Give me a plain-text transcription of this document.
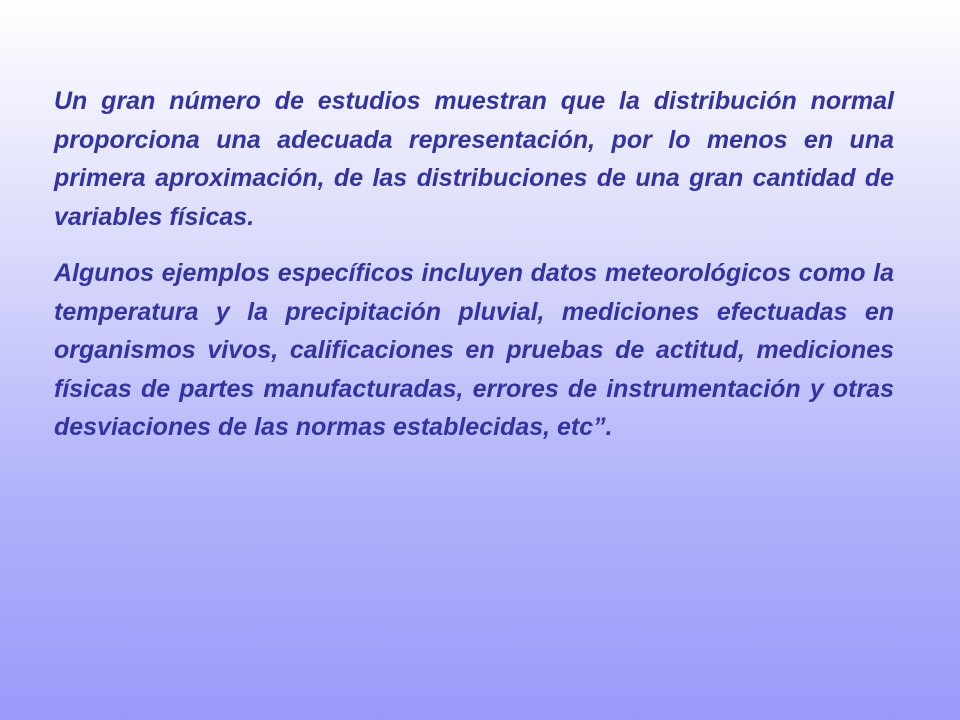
Un gran número de estudios muestran que la distribución normal proporciona una adecuada representación, por lo menos en una primera aproximación, de las distribuciones de una gran cantidad de variables físicas.

Algunos ejemplos específicos incluyen datos meteorológicos como la temperatura y la precipitación pluvial, mediciones efectuadas en organismos vivos, calificaciones en pruebas de actitud, mediciones físicas de partes manufacturadas, errores de instrumentación y otras desviaciones de las normas establecidas, etc”.
